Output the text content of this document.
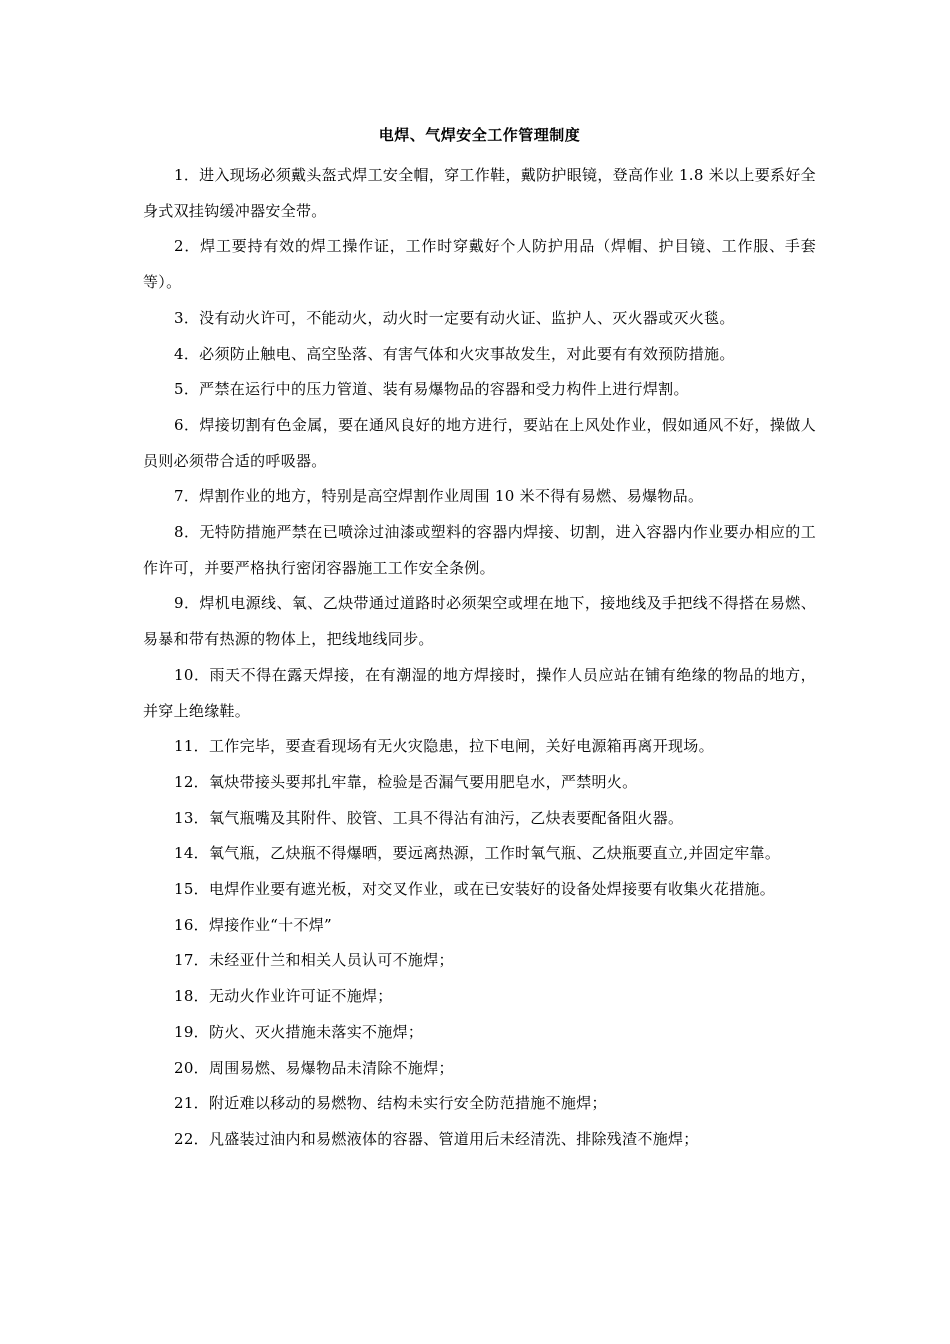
电焊、气焊安全工作管理制度

1．进入现场必须戴头盔式焊工安全帽，穿工作鞋，戴防护眼镜，登高作业 1.8 米以上要系好全身式双挂钩缓冲器安全带。

2．焊工要持有效的焊工操作证，工作时穿戴好个人防护用品（焊帽、护目镜、工作服、手套等）。

3．没有动火许可，不能动火，动火时一定要有动火证、监护人、灭火器或灭火毯。

4．必须防止触电、高空坠落、有害气体和火灾事故发生，对此要有有效预防措施。

5．严禁在运行中的压力管道、装有易爆物品的容器和受力构件上进行焊割。

6．焊接切割有色金属，要在通风良好的地方进行，要站在上风处作业，假如通风不好，操做人员则必须带合适的呼吸器。

7．焊割作业的地方，特别是高空焊割作业周围 10 米不得有易燃、易爆物品。

8．无特防措施严禁在已喷涂过油漆或塑料的容器内焊接、切割，进入容器内作业要办相应的工作许可，并要严格执行密闭容器施工工作安全条例。

9．焊机电源线、氧、乙炔带通过道路时必须架空或埋在地下，接地线及手把线不得搭在易燃、易暴和带有热源的物体上，把线地线同步。

10．雨天不得在露天焊接，在有潮湿的地方焊接时，操作人员应站在铺有绝缘的物品的地方，并穿上绝缘鞋。

11．工作完毕，要查看现场有无火灾隐患，拉下电闸，关好电源箱再离开现场。

12．氧炔带接头要邦扎牢靠，检验是否漏气要用肥皂水，严禁明火。

13．氧气瓶嘴及其附件、胶管、工具不得沾有油污，乙炔表要配备阻火器。

14．氧气瓶，乙炔瓶不得爆晒，要远离热源，工作时氧气瓶、乙炔瓶要直立,并固定牢靠。

15．电焊作业要有遮光板，对交叉作业，或在已安装好的设备处焊接要有收集火花措施。

16．焊接作业“十不焊”

17．未经亚什兰和相关人员认可不施焊；

18．无动火作业许可证不施焊；

19．防火、灭火措施未落实不施焊；

20．周围易燃、易爆物品未清除不施焊；

21．附近难以移动的易燃物、结构未实行安全防范措施不施焊；

22．凡盛装过油内和易燃液体的容器、管道用后未经清洗、排除残渣不施焊；
